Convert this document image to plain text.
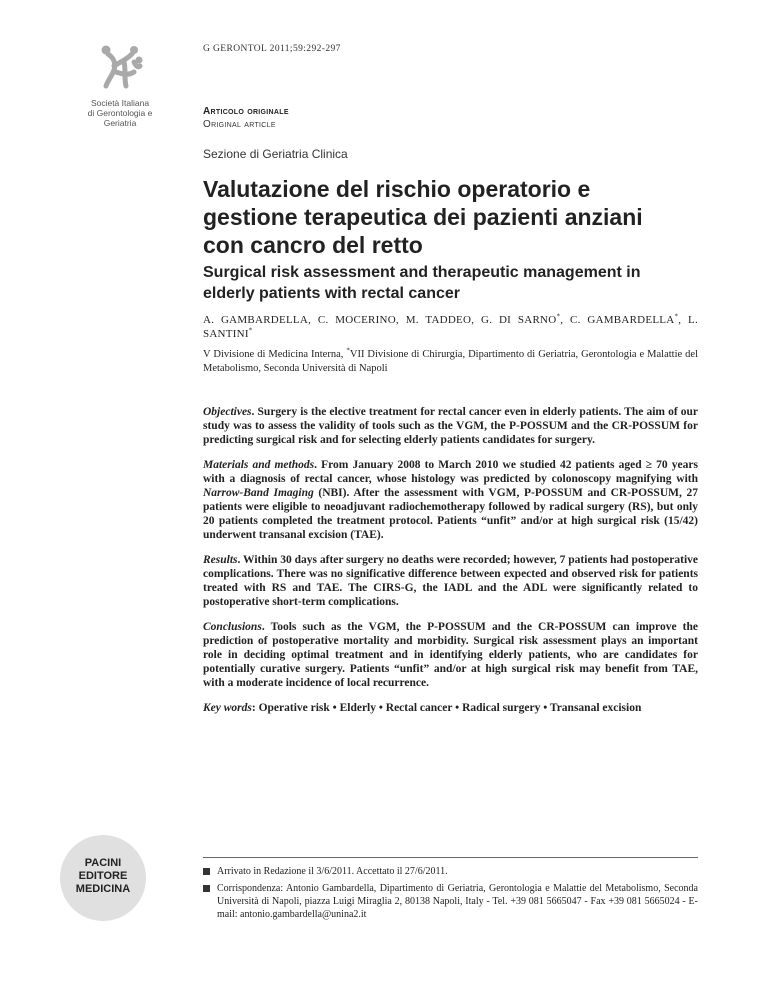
Società Italiana
di Gerontologia e
Geriatria
G GERONTOL 2011;59:292-297
Articolo originale
Original article
Sezione di Geriatria Clinica
Valutazione del rischio operatorio e gestione terapeutica dei pazienti anziani con cancro del retto
Surgical risk assessment and therapeutic management in elderly patients with rectal cancer
A. GAMBARDELLA, C. MOCERINO, M. TADDEO, G. DI SARNO*, C. GAMBARDELLA*, L. SANTINI*
V Divisione di Medicina Interna, *VII Divisione di Chirurgia, Dipartimento di Geriatria, Gerontologia e Malattie del Metabolismo, Seconda Università di Napoli

Objectives. Surgery is the elective treatment for rectal cancer even in elderly patients. The aim of our study was to assess the validity of tools such as the VGM, the P-POSSUM and the CR-POSSUM for predicting surgical risk and for selecting elderly patients candidates for surgery.

Materials and methods. From January 2008 to March 2010 we studied 42 patients aged ≥ 70 years with a diagnosis of rectal cancer, whose histology was predicted by colonoscopy magnifying with Narrow-Band Imaging (NBI). After the assessment with VGM, P-POSSUM and CR-POSSUM, 27 patients were eligible to neoadjuvant radiochemotherapy followed by radical surgery (RS), but only 20 patients completed the treatment protocol. Patients “unfit” and/or at high surgical risk (15/42) underwent transanal excision (TAE).

Results. Within 30 days after surgery no deaths were recorded; however, 7 patients had postoperative complications. There was no significative difference between expected and observed risk for patients treated with RS and TAE. The CIRS-G, the IADL and the ADL were significantly related to postoperative short-term complications.

Conclusions. Tools such as the VGM, the P-POSSUM and the CR-POSSUM can improve the prediction of postoperative mortality and morbidity. Surgical risk assessment plays an important role in deciding optimal treatment and in identifying elderly patients, who are candidates for potentially curative surgery. Patients “unfit” and/or at high surgical risk may benefit from TAE, with a moderate incidence of local recurrence.

Key words: Operative risk • Elderly • Rectal cancer • Radical surgery • Transanal excision

PACINI
EDITORE
MEDICINA
Arrivato in Redazione il 3/6/2011. Accettato il 27/6/2011.
Corrispondenza: Antonio Gambardella, Dipartimento di Geriatria, Gerontologia e Malattie del Metabolismo, Seconda Università di Napoli, piazza Luigi Miraglia 2, 80138 Napoli, Italy - Tel. +39 081 5665047 - Fax +39 081 5665024 - E-mail: antonio.gambardella@unina2.it
